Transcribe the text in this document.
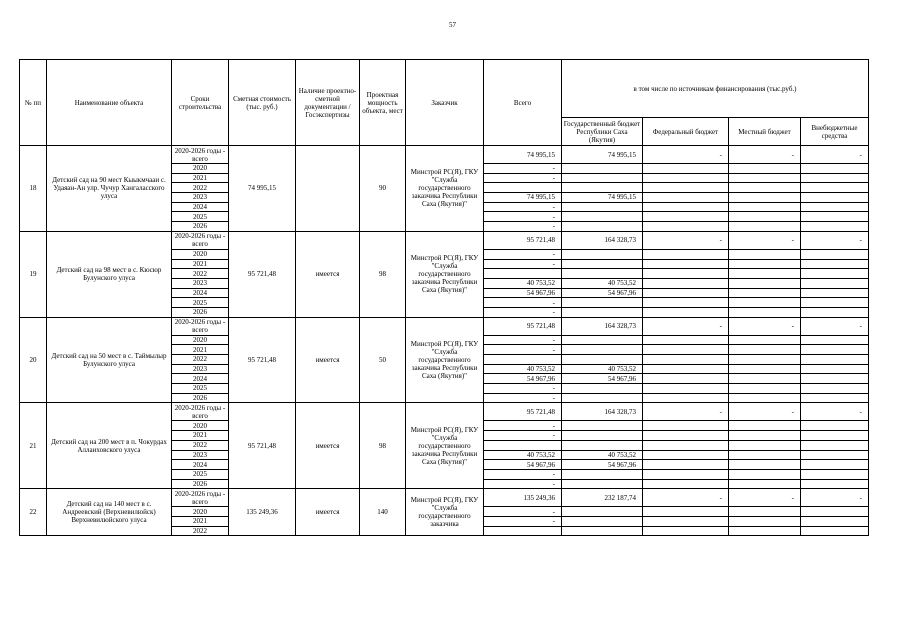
57
№ пп	Наименование объекта	Сроки строительства	Сметная стоимость (тыс. руб.)	Наличие проектно-сметной документации /Госэкспертизы	Проектная мощность объекта, мест	Заказчик	Всего	в том числе по источникам финансирования (тыс.руб.)			
								Государственный бюджет Республики Саха (Якутия)	Федеральный бюджет	Местный бюджет	Внебюджетные средства
18	Детский сад на 90 мест Кыыкмчааи с. Удаяан-Ан улр. Чучур Хангаласского улуса	2020-2026 годы - всего	74 995,15		90	Минстрой РС(Я), ГКУ "Служба государственного заказчика Республики Саха (Якутия)"	74 995,15	74 995,15	-	-	-
		2020					-				
		2021					-				
		2022									
		2023					74 995,15	74 995,15			
		2024					-				
		2025					-				
		2026					-				
19	Детский сад на 98 мест в с. Кюсюр Булунского улуса	2020-2026 годы - всего	95 721,48	имеется	98	Минстрой РС(Я), ГКУ "Служба государственного заказчика Республики Саха (Якутия)"	95 721,48	164 328,73	-	-	-
		2020					-				
		2021					-				
		2022									
		2023					40 753,52	40 753,52			
		2024					54 967,96	54 967,96			
		2025					-				
		2026					-				
20	Детский сад на 50 мест в с. Таймылыр Булунского улуса	2020-2026 годы - всего	95 721,48	имеется	50	Минстрой РС(Я), ГКУ "Служба государственного заказчика Республики Саха (Якутия)"	95 721,48	164 328,73	-	-	-
		2020					-				
		2021					-				
		2022									
		2023					40 753,52	40 753,52			
		2024					54 967,96	54 967,96			
		2025					-				
		2026					-				
21	Детский сад на 200 мест в п. Чокурдах Аллаиховского улуса	2020-2026 годы - всего	95 721,48	имеется	98	Минстрой РС(Я), ГКУ "Служба государственного заказчика Республики Саха (Якутия)"	95 721,48	164 328,73	-	-	-
		2020					-				
		2021					-				
		2022									
		2023					40 753,52	40 753,52			
		2024					54 967,96	54 967,96			
		2025					-				
		2026					-				
22	Детский сад на 140 мест в с. Андреевский (Верхневилюйск) Верхневилюйского улуса	2020-2026 годы - всего	135 249,36	имеется	140	Минстрой РС(Я), ГКУ "Служба государственного заказчика	135 249,36	232 187,74	-	-	-
		2020					-				
		2021					-				
		2022									
